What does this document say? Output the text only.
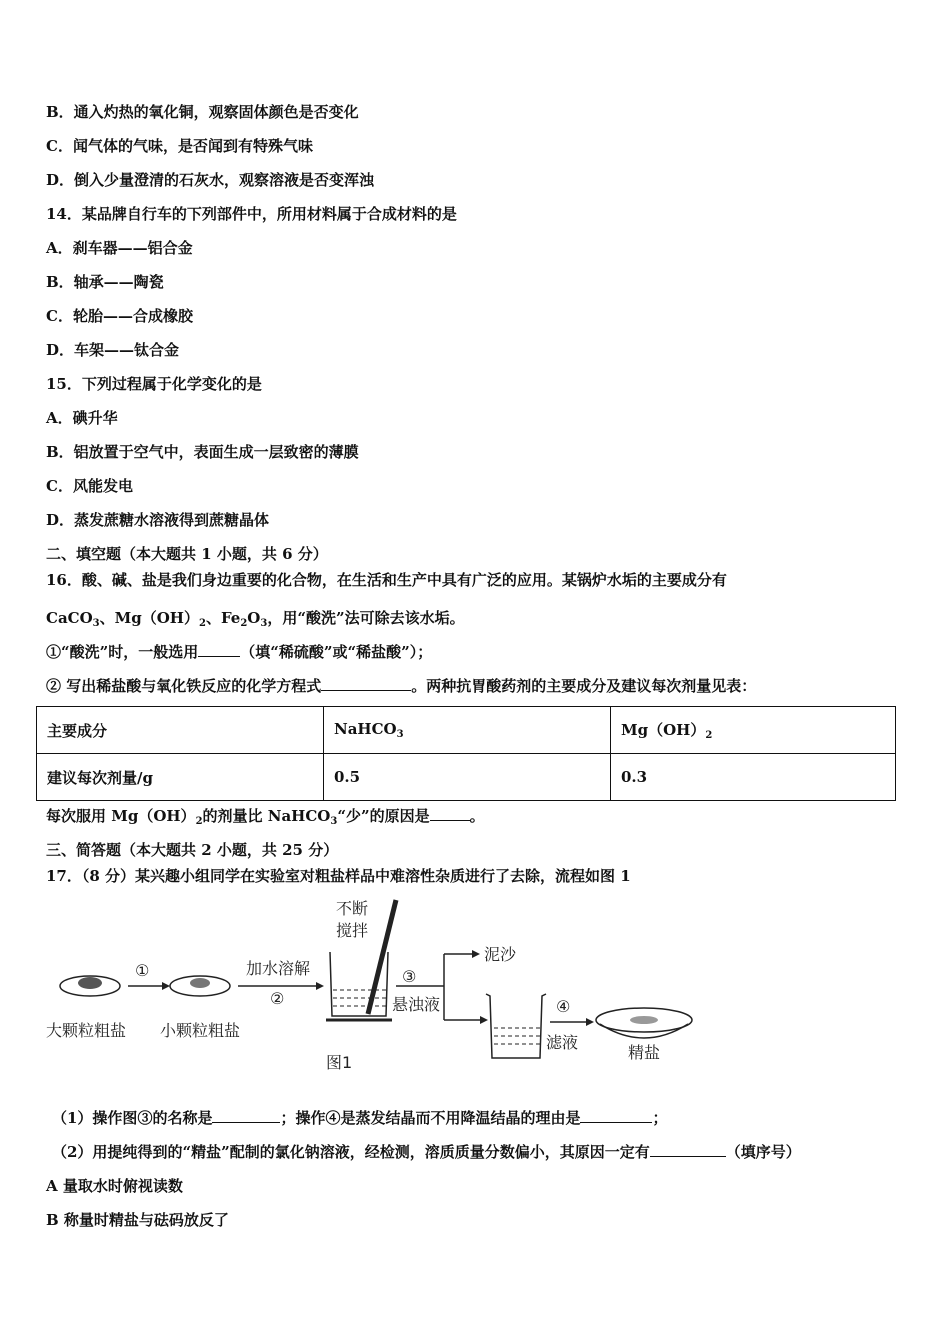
B．通入灼热的氧化铜，观察固体颜色是否变化
C．闻气体的气味，是否闻到有特殊气味
D．倒入少量澄清的石灰水，观察溶液是否变浑浊
14．某品牌自行车的下列部件中，所用材料属于合成材料的是
A．刹车器——铝合金
B．轴承——陶瓷
C．轮胎——合成橡胶
D．车架——钛合金
15．下列过程属于化学变化的是
A．碘升华
B．铝放置于空气中，表面生成一层致密的薄膜
C．风能发电
D．蒸发蔗糖水溶液得到蔗糖晶体
二、填空题（本大题共 1 小题，共 6 分）
16．酸、碱、盐是我们身边重要的化合物，在生活和生产中具有广泛的应用。某锅炉水垢的主要成分有
CaCO$_3$、$Mg(OH)_2$、$Fe_2O_3$，用“酸洗”法可除去该水垢。
①“酸洗”时，一般选用	（填“稀硫酸”或“稀盐酸”）；
② 写出稀盐酸与氧化铁反应的化学方程式	。两种抗胃酸药剂的主要成分及建议每次剂量见表：
主要成分	NaHCO$_3$	$Mg(OH)_2$
建议每次剂量/g	0.5	0.3
每次服用 $Mg(OH)_2$的剂量比 NaHCO$_3$“少”的原因是	。
三、简答题（本大题共 2 小题，共 25 分）
17．（8 分）某兴趣小组同学在实验室对粗盐样品中难溶性杂质进行了去除，流程如图 1
①	加水溶解
②
不断
搅拌
③
悬浊液
泥沙
④
滤液
大颗粒粗盐 小颗粒粗盐
精盐
图1
（1）操作图③的名称是	；操作④是蒸发结晶而不用降温结晶的理由是	；
（2）用提纯得到的“精盐”配制的氯化钠溶液，经检测，溶质质量分数偏小，其原因一定有	（填序号）
A 量取水时俯视读数
B 称量时精盐与砝码放反了
